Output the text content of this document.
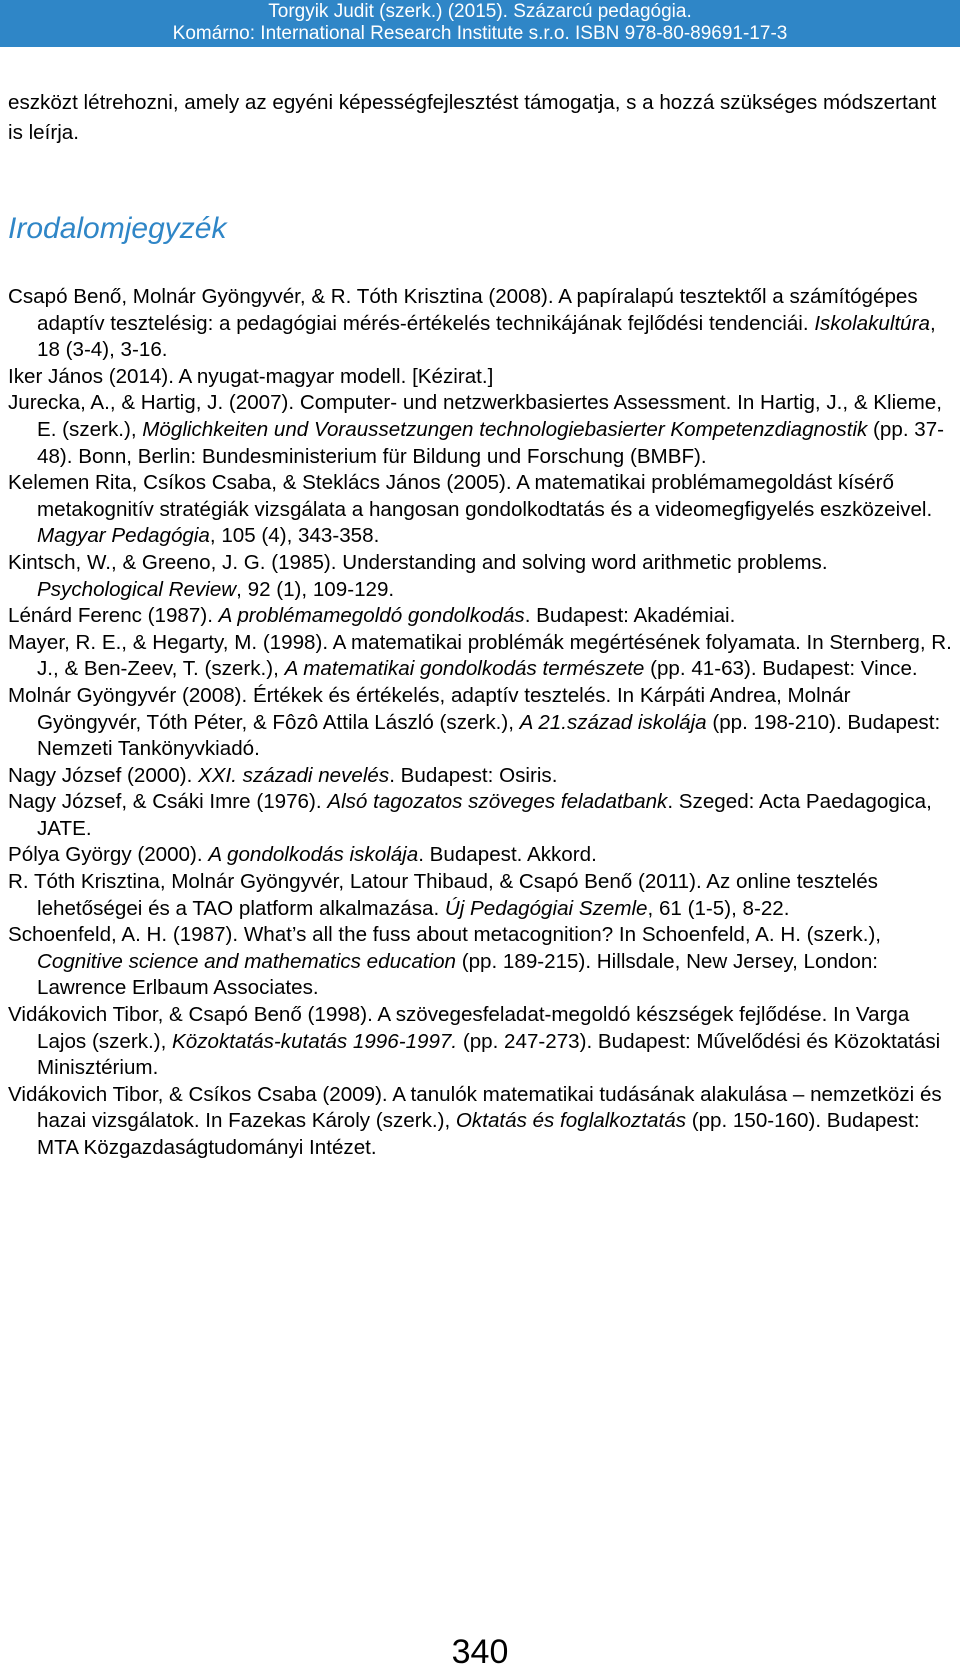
Torgyik Judit (szerk.) (2015). Százarcú pedagógia.
Komárno: International Research Institute s.r.o. ISBN 978-80-89691-17-3

eszközt létrehozni, amely az egyéni képességfejlesztést támogatja, s a hozzá szükséges módszertant is leírja.

Irodalomjegyzék
Csapó Benő, Molnár Gyöngyvér, & R. Tóth Krisztina (2008). A papíralapú tesztektől a számítógépes adaptív tesztelésig: a pedagógiai mérés-értékelés technikájának fejlődési tendenciái. Iskolakultúra, 18 (3-4), 3-16.
Iker János (2014). A nyugat-magyar modell. [Kézirat.]
Jurecka, A., & Hartig, J. (2007). Computer- und netzwerkbasiertes Assessment. In Hartig, J., & Klieme, E. (szerk.), Möglichkeiten und Voraussetzungen technologiebasierter Kompetenzdiagnostik (pp. 37-48). Bonn, Berlin: Bundesministerium für Bildung und Forschung (BMBF).
Kelemen Rita, Csíkos Csaba, & Steklács János (2005). A matematikai problémamegoldást kísérő metakognitív stratégiák vizsgálata a hangosan gondolkodtatás és a videomegfigyelés eszközeivel. Magyar Pedagógia, 105 (4), 343-358.
Kintsch, W., & Greeno, J. G. (1985). Understanding and solving word arithmetic problems. Psychological Review, 92 (1), 109-129.
Lénárd Ferenc (1987). A problémamegoldó gondolkodás. Budapest: Akadémiai.
Mayer, R. E., & Hegarty, M. (1998). A matematikai problémák megértésének folyamata. In Sternberg, R. J., & Ben-Zeev, T. (szerk.), A matematikai gondolkodás természete (pp. 41-63). Budapest: Vince.
Molnár Gyöngyvér (2008). Értékek és értékelés, adaptív tesztelés. In Kárpáti Andrea, Molnár Gyöngyvér, Tóth Péter, & Fôzô Attila László (szerk.), A 21.század iskolája (pp. 198-210). Budapest: Nemzeti Tankönyvkiadó.
Nagy József (2000). XXI. századi nevelés. Budapest: Osiris.
Nagy József, & Csáki Imre (1976). Alsó tagozatos szöveges feladatbank. Szeged: Acta Paedagogica, JATE.
Pólya György (2000). A gondolkodás iskolája. Budapest. Akkord.
R. Tóth Krisztina, Molnár Gyöngyvér, Latour Thibaud, & Csapó Benő (2011). Az online tesztelés lehetőségei és a TAO platform alkalmazása. Új Pedagógiai Szemle, 61 (1-5), 8-22.
Schoenfeld, A. H. (1987). What’s all the fuss about metacognition? In Schoenfeld, A. H. (szerk.), Cognitive science and mathematics education (pp. 189-215). Hillsdale, New Jersey, London: Lawrence Erlbaum Associates.
Vidákovich Tibor, & Csapó Benő (1998). A szövegesfeladat-megoldó készségek fejlődése. In Varga Lajos (szerk.), Közoktatás-kutatás 1996-1997. (pp. 247-273). Budapest: Művelődési és Közoktatási Minisztérium.
Vidákovich Tibor, & Csíkos Csaba (2009). A tanulók matematikai tudásának alakulása – nemzetközi és hazai vizsgálatok. In Fazekas Károly (szerk.), Oktatás és foglalkoztatás (pp. 150-160). Budapest: MTA Közgazdaságtudományi Intézet.
340
